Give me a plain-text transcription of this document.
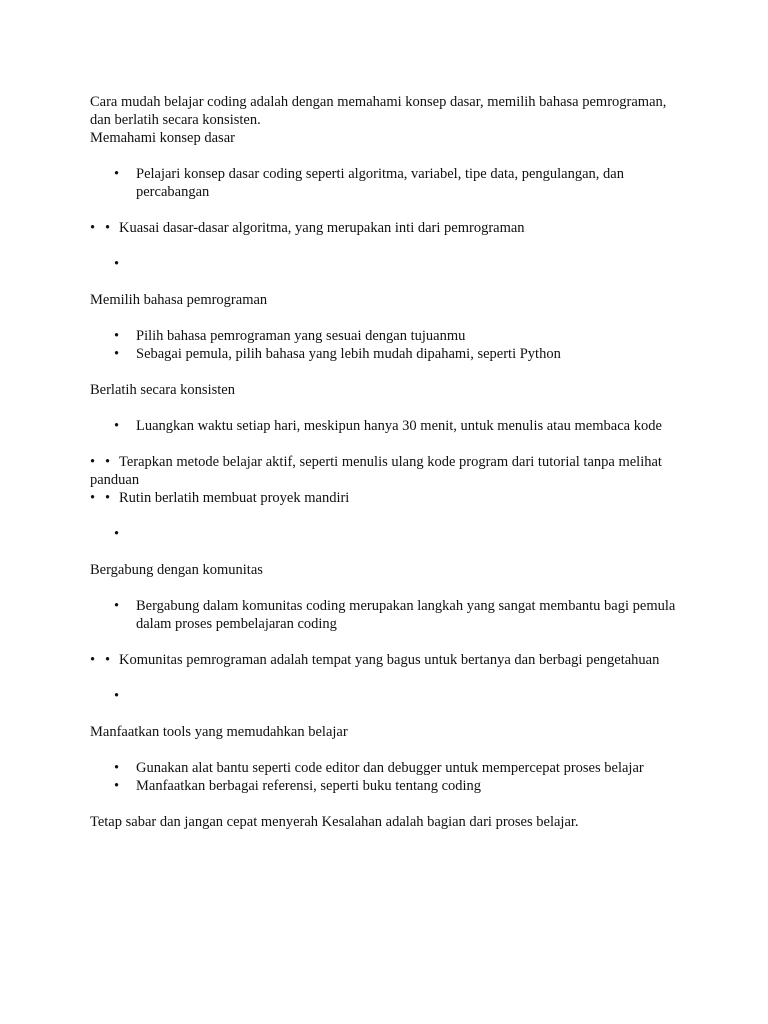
Cara mudah belajar coding adalah dengan memahami konsep dasar, memilih bahasa pemrograman, dan berlatih secara konsisten.

Memahami konsep dasar

• Pelajari konsep dasar coding seperti algoritma, variabel, tipe data, pengulangan, dan percabangan

• • Kuasai dasar-dasar algoritma, yang merupakan inti dari pemrograman

•

Memilih bahasa pemrograman

• Pilih bahasa pemrograman yang sesuai dengan tujuanmu
• Sebagai pemula, pilih bahasa yang lebih mudah dipahami, seperti Python

Berlatih secara konsisten

• Luangkan waktu setiap hari, meskipun hanya 30 menit, untuk menulis atau membaca kode

• • Terapkan metode belajar aktif, seperti menulis ulang kode program dari tutorial tanpa melihat panduan

• • Rutin berlatih membuat proyek mandiri

•

Bergabung dengan komunitas

• Bergabung dalam komunitas coding merupakan langkah yang sangat membantu bagi pemula dalam proses pembelajaran coding

• • Komunitas pemrograman adalah tempat yang bagus untuk bertanya dan berbagi pengetahuan

•

Manfaatkan tools yang memudahkan belajar

• Gunakan alat bantu seperti code editor dan debugger untuk mempercepat proses belajar
• Manfaatkan berbagai referensi, seperti buku tentang coding

Tetap sabar dan jangan cepat menyerah Kesalahan adalah bagian dari proses belajar.
